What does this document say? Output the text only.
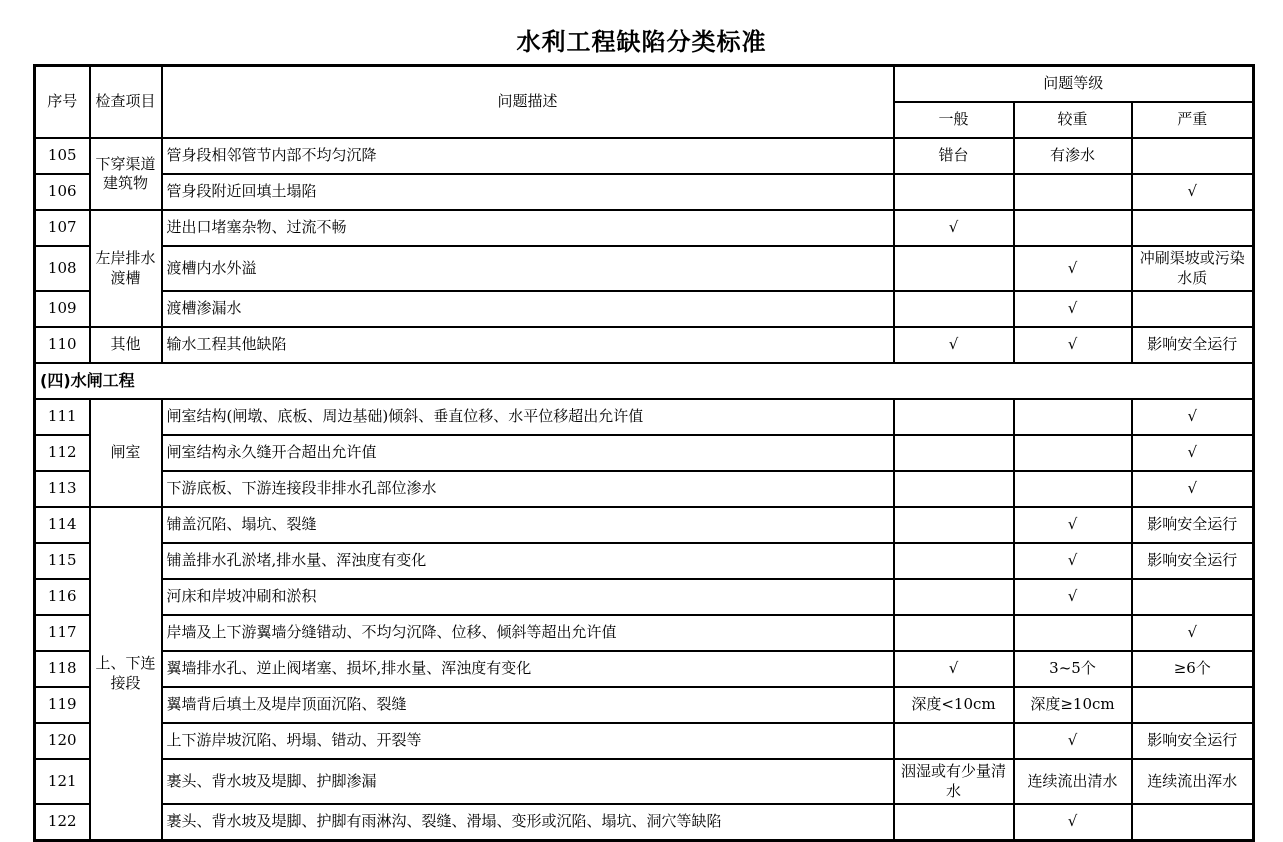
水利工程缺陷分类标准
序号	检查项目	问题描述	问题等级		
			一般	较重	严重
105	下穿渠道建筑物	管身段相邻管节内部不均匀沉降	错台	有渗水	
106		管身段附近回填土塌陷			√
107	左岸排水渡槽	进出口堵塞杂物、过流不畅	√		
108		渡槽内水外溢		√	冲刷渠坡或污染水质
109		渡槽渗漏水		√	
110	其他	输水工程其他缺陷	√	√	影响安全运行
(四)水闸工程					
111	闸室	闸室结构(闸墩、底板、周边基础)倾斜、垂直位移、水平位移超出允许值			√
112		闸室结构永久缝开合超出允许值			√
113		下游底板、下游连接段非排水孔部位渗水			√
114	上、下连接段	铺盖沉陷、塌坑、裂缝		√	影响安全运行
115		铺盖排水孔淤堵,排水量、浑浊度有变化		√	影响安全运行
116		河床和岸坡冲刷和淤积		√	
117		岸墙及上下游翼墙分缝错动、不均匀沉降、位移、倾斜等超出允许值			√
118		翼墙排水孔、逆止阀堵塞、损坏,排水量、浑浊度有变化	√	3~5个	≥6个
119		翼墙背后填土及堤岸顶面沉陷、裂缝	深度<10cm	深度≥10cm	
120		上下游岸坡沉陷、坍塌、错动、开裂等		√	影响安全运行
121		裹头、背水坡及堤脚、护脚渗漏	洇湿或有少量清水	连续流出清水	连续流出浑水
122		裹头、背水坡及堤脚、护脚有雨淋沟、裂缝、滑塌、变形或沉陷、塌坑、洞穴等缺陷		√	
